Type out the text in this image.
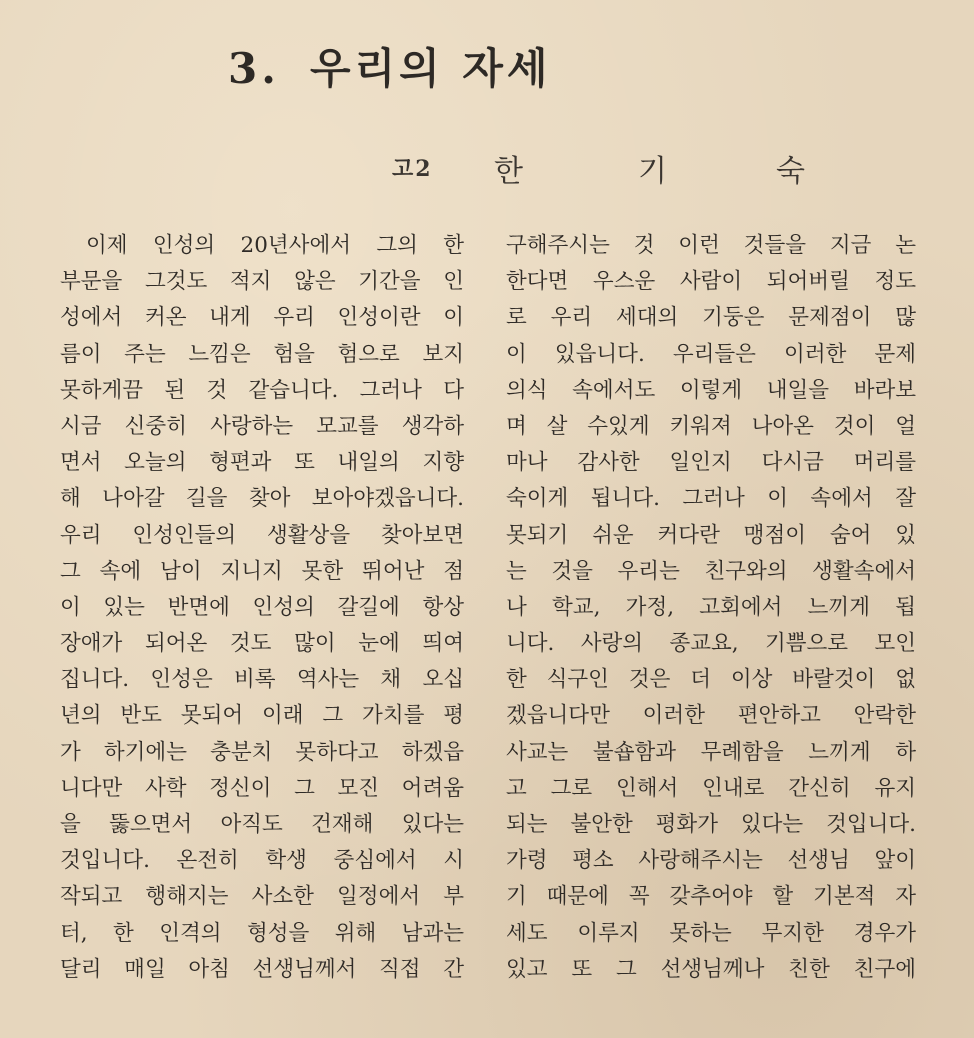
3. 우리의 자세
고2 한	기	숙
이제 인성의 20년사에서 그의 한
부문을 그것도 적지 않은 기간을 인
성에서 커온 내게 우리 인성이란 이
름이 주는 느낌은 험을 험으로 보지
못하게끔 된 것 같습니다. 그러나 다
시금 신중히 사랑하는 모교를 생각하
면서 오늘의 형편과 또 내일의 지향
해 나아갈 길을 찾아 보아야겠읍니다.
우리 인성인들의 생활상을 찾아보면
그 속에 남이 지니지 못한 뛰어난 점
이 있는 반면에 인성의 갈길에 항상
장애가 되어온 것도 많이 눈에 띄여
집니다. 인성은 비록 역사는 채 오십
년의 반도 못되어 이래 그 가치를 평
가 하기에는 충분치 못하다고 하겠읍
니다만 사학 정신이 그 모진 어려움
을 뚫으면서 아직도 건재해 있다는
것입니다. 온전히 학생 중심에서 시
작되고 행해지는 사소한 일정에서 부
터, 한 인격의 형성을 위해 남과는
달리 매일 아침 선생님께서 직접 간
구해주시는 것 이런 것들을 지금 논
한다면 우스운 사람이 되어버릴 정도
로 우리 세대의 기둥은 문제점이 많
이 있읍니다. 우리들은 이러한 문제
의식 속에서도 이렇게 내일을 바라보
며 살 수있게 키워져 나아온 것이 얼
마나 감사한 일인지 다시금 머리를
숙이게 됩니다. 그러나 이 속에서 잘
못되기 쉬운 커다란 맹점이 숨어 있
는 것을 우리는 친구와의 생활속에서
나 학교, 가정, 고회에서 느끼게 됩
니다. 사랑의 종교요, 기쁨으로 모인
한 식구인 것은 더 이상 바랄것이 없
겠읍니다만 이러한 편안하고 안락한
사교는 불숍함과 무례함을 느끼게 하
고 그로 인해서 인내로 간신히 유지
되는 불안한 평화가 있다는 것입니다.
가령 평소 사랑해주시는 선생님 앞이
기 때문에 꼭 갖추어야 할 기본적 자
세도 이루지 못하는 무지한 경우가
있고 또 그 선생님께나 친한 친구에
